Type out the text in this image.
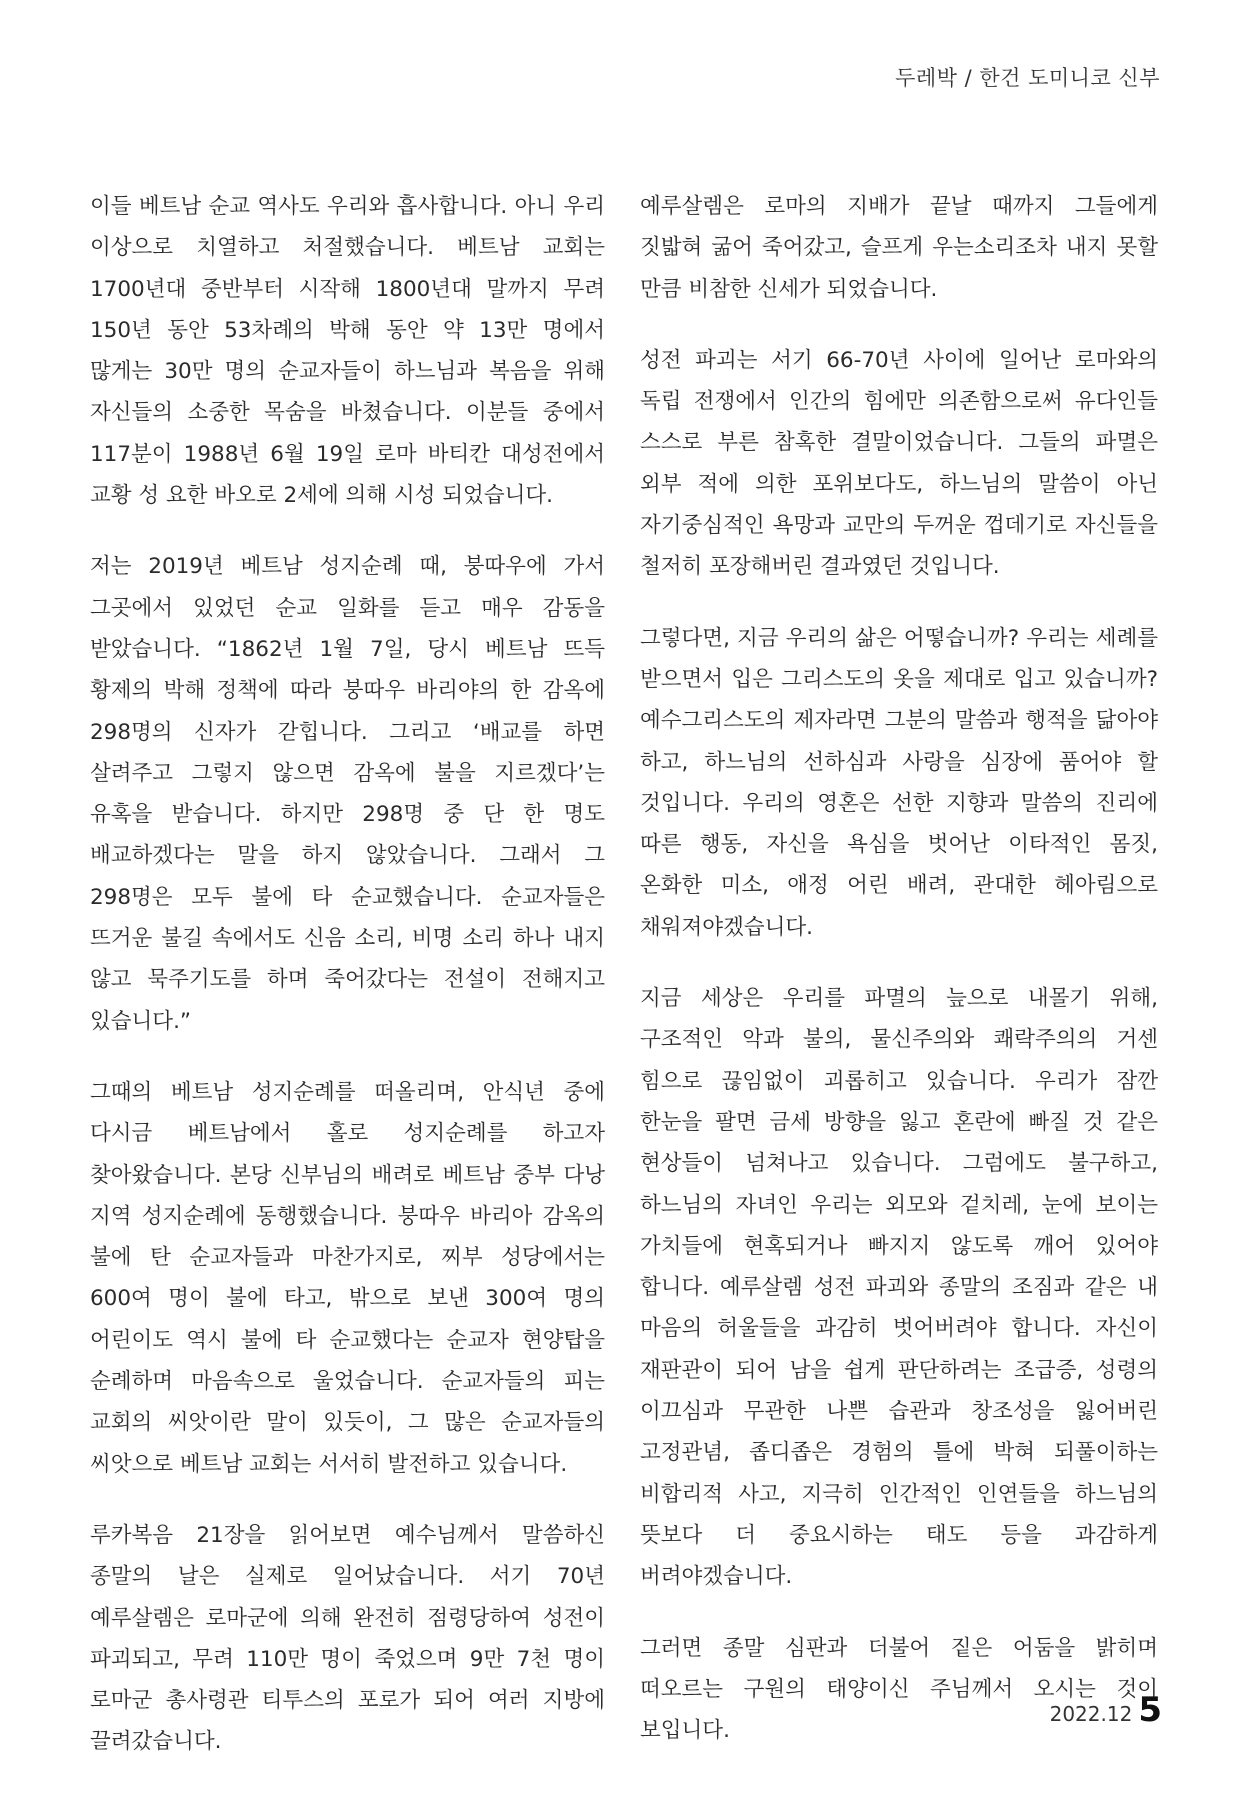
두레박 / 한건 도미니코 신부

이들 베트남 순교 역사도 우리와 흡사합니다. 아니 우리 이상으로 치열하고 처절했습니다. 베트남 교회는 1700년대 중반부터 시작해 1800년대 말까지 무려 150년 동안 53차례의 박해 동안 약 13만 명에서 많게는 30만 명의 순교자들이 하느님과 복음을 위해 자신들의 소중한 목숨을 바쳤습니다. 이분들 중에서 117분이 1988년 6월 19일 로마 바티칸 대성전에서 교황 성 요한 바오로 2세에 의해 시성 되었습니다.

저는 2019년 베트남 성지순례 때, 붕따우에 가서 그곳에서 있었던 순교 일화를 듣고 매우 감동을 받았습니다. “1862년 1월 7일, 당시 베트남 뜨득 황제의 박해 정책에 따라 붕따우 바리야의 한 감옥에 298명의 신자가 갇힙니다. 그리고 ‘배교를 하면 살려주고 그렇지 않으면 감옥에 불을 지르겠다’는 유혹을 받습니다. 하지만 298명 중 단 한 명도 배교하겠다는 말을 하지 않았습니다. 그래서 그 298명은 모두 불에 타 순교했습니다. 순교자들은 뜨거운 불길 속에서도 신음 소리, 비명 소리 하나 내지 않고 묵주기도를 하며 죽어갔다는 전설이 전해지고 있습니다.”

그때의 베트남 성지순례를 떠올리며, 안식년 중에 다시금 베트남에서 홀로 성지순례를 하고자 찾아왔습니다. 본당 신부님의 배려로 베트남 중부 다낭 지역 성지순례에 동행했습니다. 붕따우 바리아 감옥의 불에 탄 순교자들과 마찬가지로, 찌부 성당에서는 600여 명이 불에 타고, 밖으로 보낸 300여 명의 어린이도 역시 불에 타 순교했다는 순교자 현양탑을 순례하며 마음속으로 울었습니다. 순교자들의 피는 교회의 씨앗이란 말이 있듯이, 그 많은 순교자들의 씨앗으로 베트남 교회는 서서히 발전하고 있습니다.

루카복음 21장을 읽어보면 예수님께서 말씀하신 종말의 날은 실제로 일어났습니다. 서기 70년 예루살렘은 로마군에 의해 완전히 점령당하여 성전이 파괴되고, 무려 110만 명이 죽었으며 9만 7천 명이 로마군 총사령관 티투스의 포로가 되어 여러 지방에 끌려갔습니다.

예루살렘은 로마의 지배가 끝날 때까지 그들에게 짓밟혀 굶어 죽어갔고, 슬프게 우는소리조차 내지 못할 만큼 비참한 신세가 되었습니다.

성전 파괴는 서기 66-70년 사이에 일어난 로마와의 독립 전쟁에서 인간의 힘에만 의존함으로써 유다인들 스스로 부른 참혹한 결말이었습니다. 그들의 파멸은 외부 적에 의한 포위보다도, 하느님의 말씀이 아닌 자기중심적인 욕망과 교만의 두꺼운 껍데기로 자신들을 철저히 포장해버린 결과였던 것입니다.

그렇다면, 지금 우리의 삶은 어떻습니까? 우리는 세례를 받으면서 입은 그리스도의 옷을 제대로 입고 있습니까? 예수그리스도의 제자라면 그분의 말씀과 행적을 닮아야 하고, 하느님의 선하심과 사랑을 심장에 품어야 할 것입니다. 우리의 영혼은 선한 지향과 말씀의 진리에 따른 행동, 자신을 욕심을 벗어난 이타적인 몸짓, 온화한 미소, 애정 어린 배려, 관대한 헤아림으로 채워져야겠습니다.

지금 세상은 우리를 파멸의 늪으로 내몰기 위해, 구조적인 악과 불의, 물신주의와 쾌락주의의 거센 힘으로 끊임없이 괴롭히고 있습니다. 우리가 잠깐 한눈을 팔면 금세 방향을 잃고 혼란에 빠질 것 같은 현상들이 넘쳐나고 있습니다. 그럼에도 불구하고, 하느님의 자녀인 우리는 외모와 겉치레, 눈에 보이는 가치들에 현혹되거나 빠지지 않도록 깨어 있어야 합니다. 예루살렘 성전 파괴와 종말의 조짐과 같은 내 마음의 허울들을 과감히 벗어버려야 합니다. 자신이 재판관이 되어 남을 쉽게 판단하려는 조급증, 성령의 이끄심과 무관한 나쁜 습관과 창조성을 잃어버린 고정관념, 좁디좁은 경험의 틀에 박혀 되풀이하는 비합리적 사고, 지극히 인간적인 인연들을 하느님의 뜻보다 더 중요시하는 태도 등을 과감하게 버려야겠습니다.

그러면 종말 심판과 더불어 짙은 어둠을 밝히며 떠오르는 구원의 태양이신 주님께서 오시는 것이 보입니다.

2022.12 5
